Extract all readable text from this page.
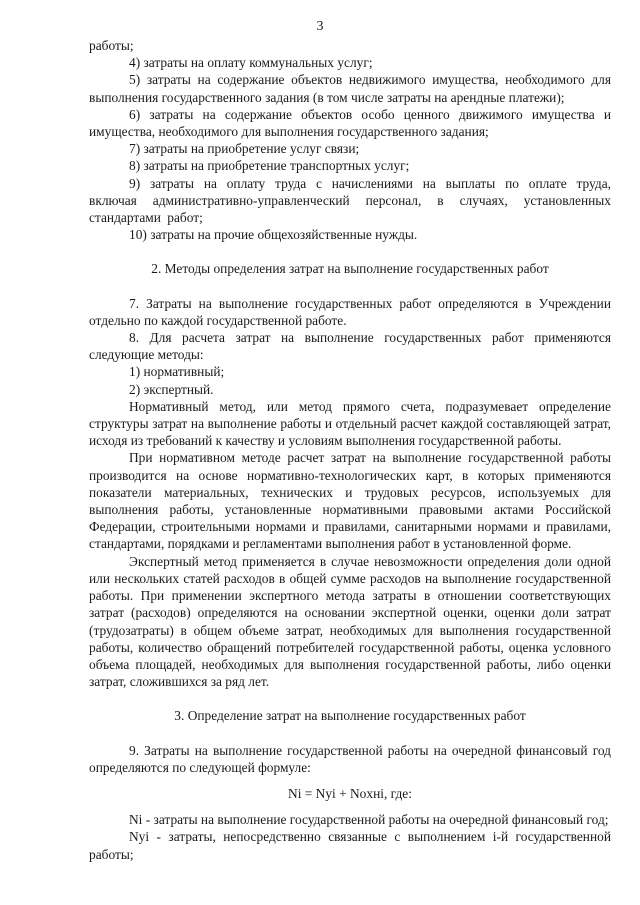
3

работы;

4) затраты на оплату коммунальных услуг;

5) затраты на содержание объектов недвижимого имущества, необходимого для выполнения государственного задания (в том числе затраты на арендные платежи);

6) затраты на содержание объектов особо ценного движимого имущества и имущества, необходимого для выполнения государственного задания;

7) затраты на приобретение услуг связи;

8) затраты на приобретение транспортных услуг;

9) затраты на оплату труда с начислениями на выплаты по оплате труда, включая административно-управленческий персонал, в случаях, установленных стандартами работ;

10) затраты на прочие общехозяйственные нужды.

2. Методы определения затрат на выполнение государственных работ

7. Затраты на выполнение государственных работ определяются в Учреждении отдельно по каждой государственной работе.

8. Для расчета затрат на выполнение государственных работ применяются следующие методы:

1) нормативный;

2) экспертный.

Нормативный метод, или метод прямого счета, подразумевает определение структуры затрат на выполнение работы и отдельный расчет каждой составляющей затрат, исходя из требований к качеству и условиям выполнения государственной работы.

При нормативном методе расчет затрат на выполнение государственной работы производится на основе нормативно-технологических карт, в которых применяются показатели материальных, технических и трудовых ресурсов, используемых для выполнения работы, установленные нормативными правовыми актами Российской Федерации, строительными нормами и правилами, санитарными нормами и правилами, стандартами, порядками и регламентами выполнения работ в установленной форме.

Экспертный метод применяется в случае невозможности определения доли одной или нескольких статей расходов в общей сумме расходов на выполнение государственной работы. При применении экспертного метода затраты в отношении соответствующих затрат (расходов) определяются на основании экспертной оценки, оценки доли затрат (трудозатраты) в общем объеме затрат, необходимых для выполнения государственной работы, количество обращений потребителей государственной работы, оценка условного объема площадей, необходимых для выполнения государственной работы, либо оценки затрат, сложившихся за ряд лет.

3. Определение затрат на выполнение государственных работ

9. Затраты на выполнение государственной работы на очередной финансовый год определяются по следующей формуле:

Ni = Nyi + Noxнi, где:

Ni - затраты на выполнение государственной работы на очередной финансовый год;

Nyi - затраты, непосредственно связанные с выполнением i-й государственной работы;
